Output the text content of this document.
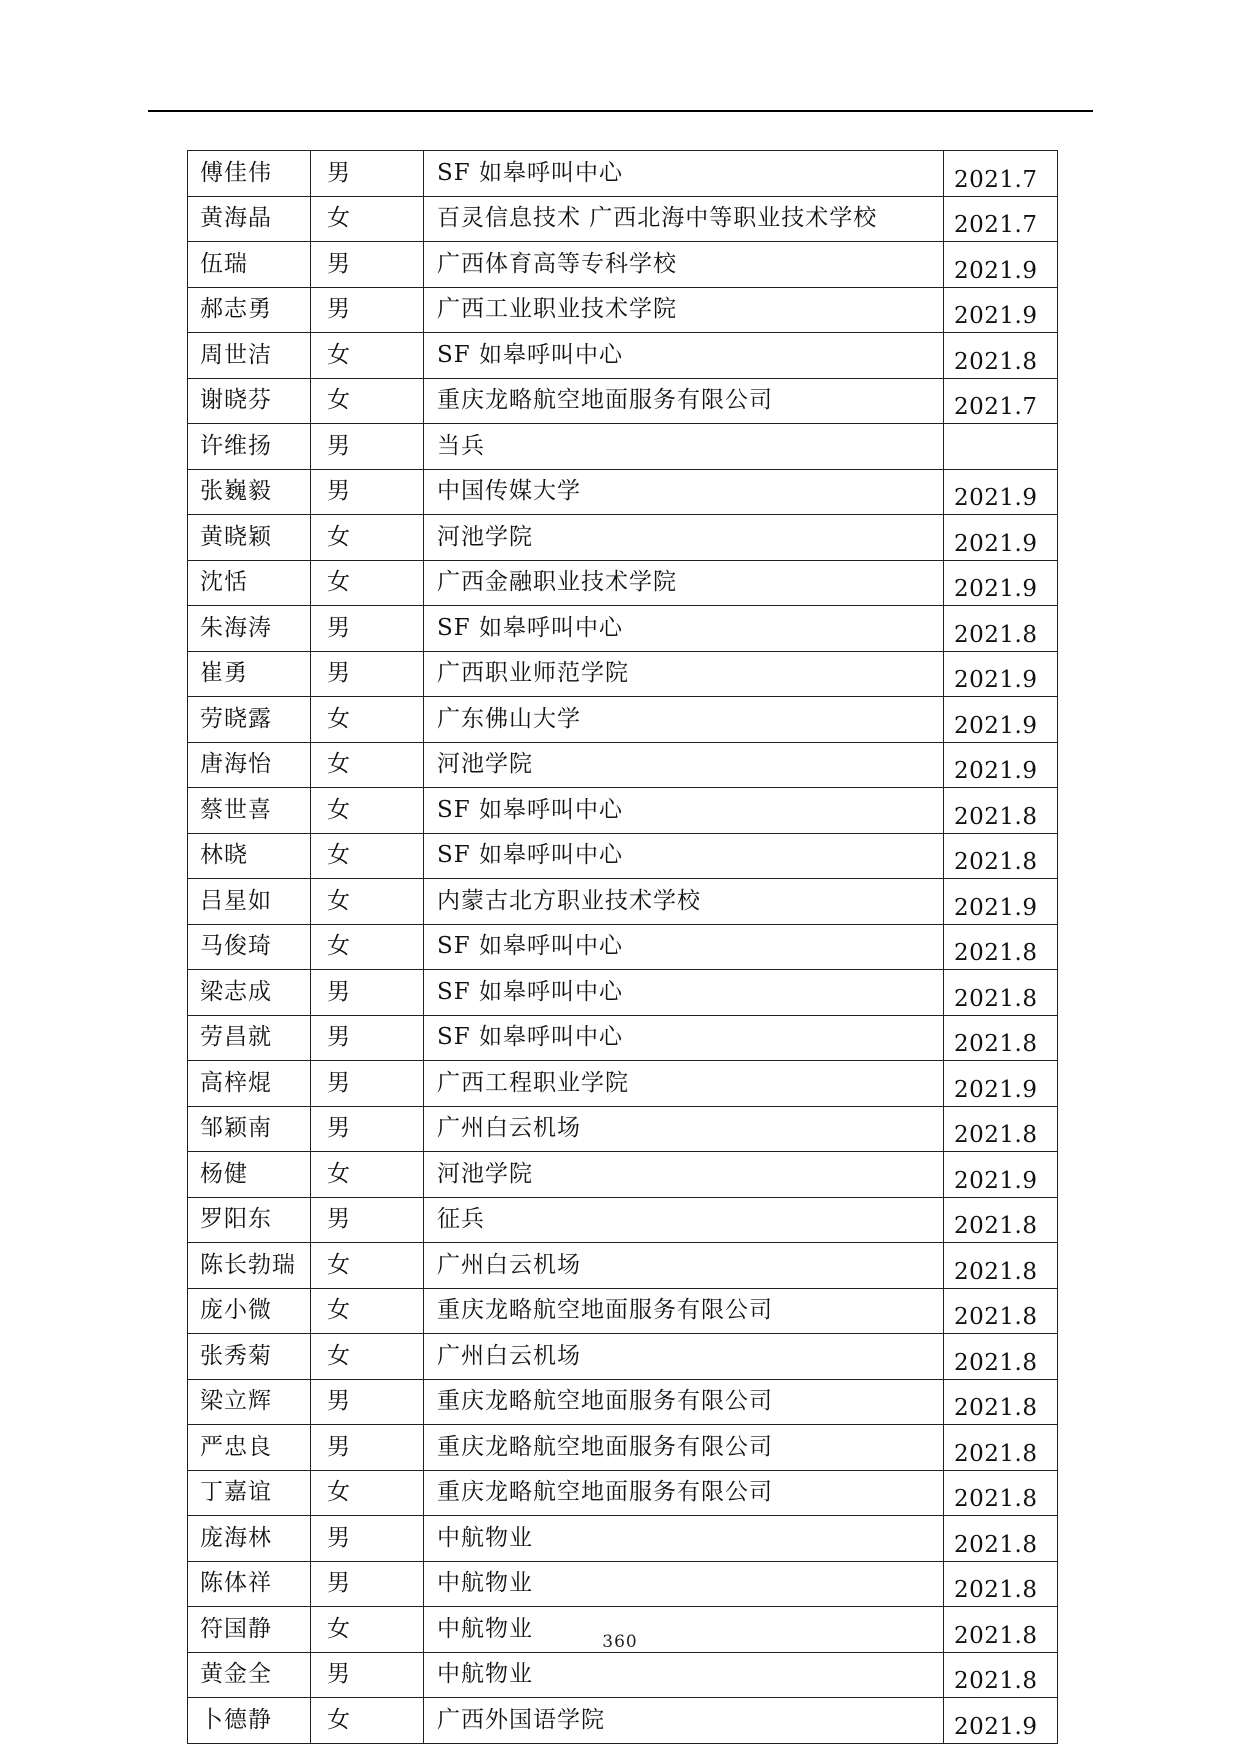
傅佳伟	男	SF 如皋呼叫中心	2021.7
黄海晶	女	百灵信息技术 广西北海中等职业技术学校	2021.7
伍瑞	男	广西体育高等专科学校	2021.9
郝志勇	男	广西工业职业技术学院	2021.9
周世洁	女	SF 如皋呼叫中心	2021.8
谢晓芬	女	重庆龙略航空地面服务有限公司	2021.7
许维扬	男	当兵	
张巍毅	男	中国传媒大学	2021.9
黄晓颖	女	河池学院	2021.9
沈恬	女	广西金融职业技术学院	2021.9
朱海涛	男	SF 如皋呼叫中心	2021.8
崔勇	男	广西职业师范学院	2021.9
劳晓露	女	广东佛山大学	2021.9
唐海怡	女	河池学院	2021.9
蔡世喜	女	SF 如皋呼叫中心	2021.8
林晓	女	SF 如皋呼叫中心	2021.8
吕星如	女	内蒙古北方职业技术学校	2021.9
马俊琦	女	SF 如皋呼叫中心	2021.8
梁志成	男	SF 如皋呼叫中心	2021.8
劳昌就	男	SF 如皋呼叫中心	2021.8
高梓焜	男	广西工程职业学院	2021.9
邹颖南	男	广州白云机场	2021.8
杨健	女	河池学院	2021.9
罗阳东	男	征兵	2021.8
陈长勃瑞	女	广州白云机场	2021.8
庞小微	女	重庆龙略航空地面服务有限公司	2021.8
张秀菊	女	广州白云机场	2021.8
梁立辉	男	重庆龙略航空地面服务有限公司	2021.8
严忠良	男	重庆龙略航空地面服务有限公司	2021.8
丁嘉谊	女	重庆龙略航空地面服务有限公司	2021.8
庞海林	男	中航物业	2021.8
陈体祥	男	中航物业	2021.8
符国静	女	中航物业	2021.8
黄金全	男	中航物业	2021.8
卜德静	女	广西外国语学院	2021.9
360
